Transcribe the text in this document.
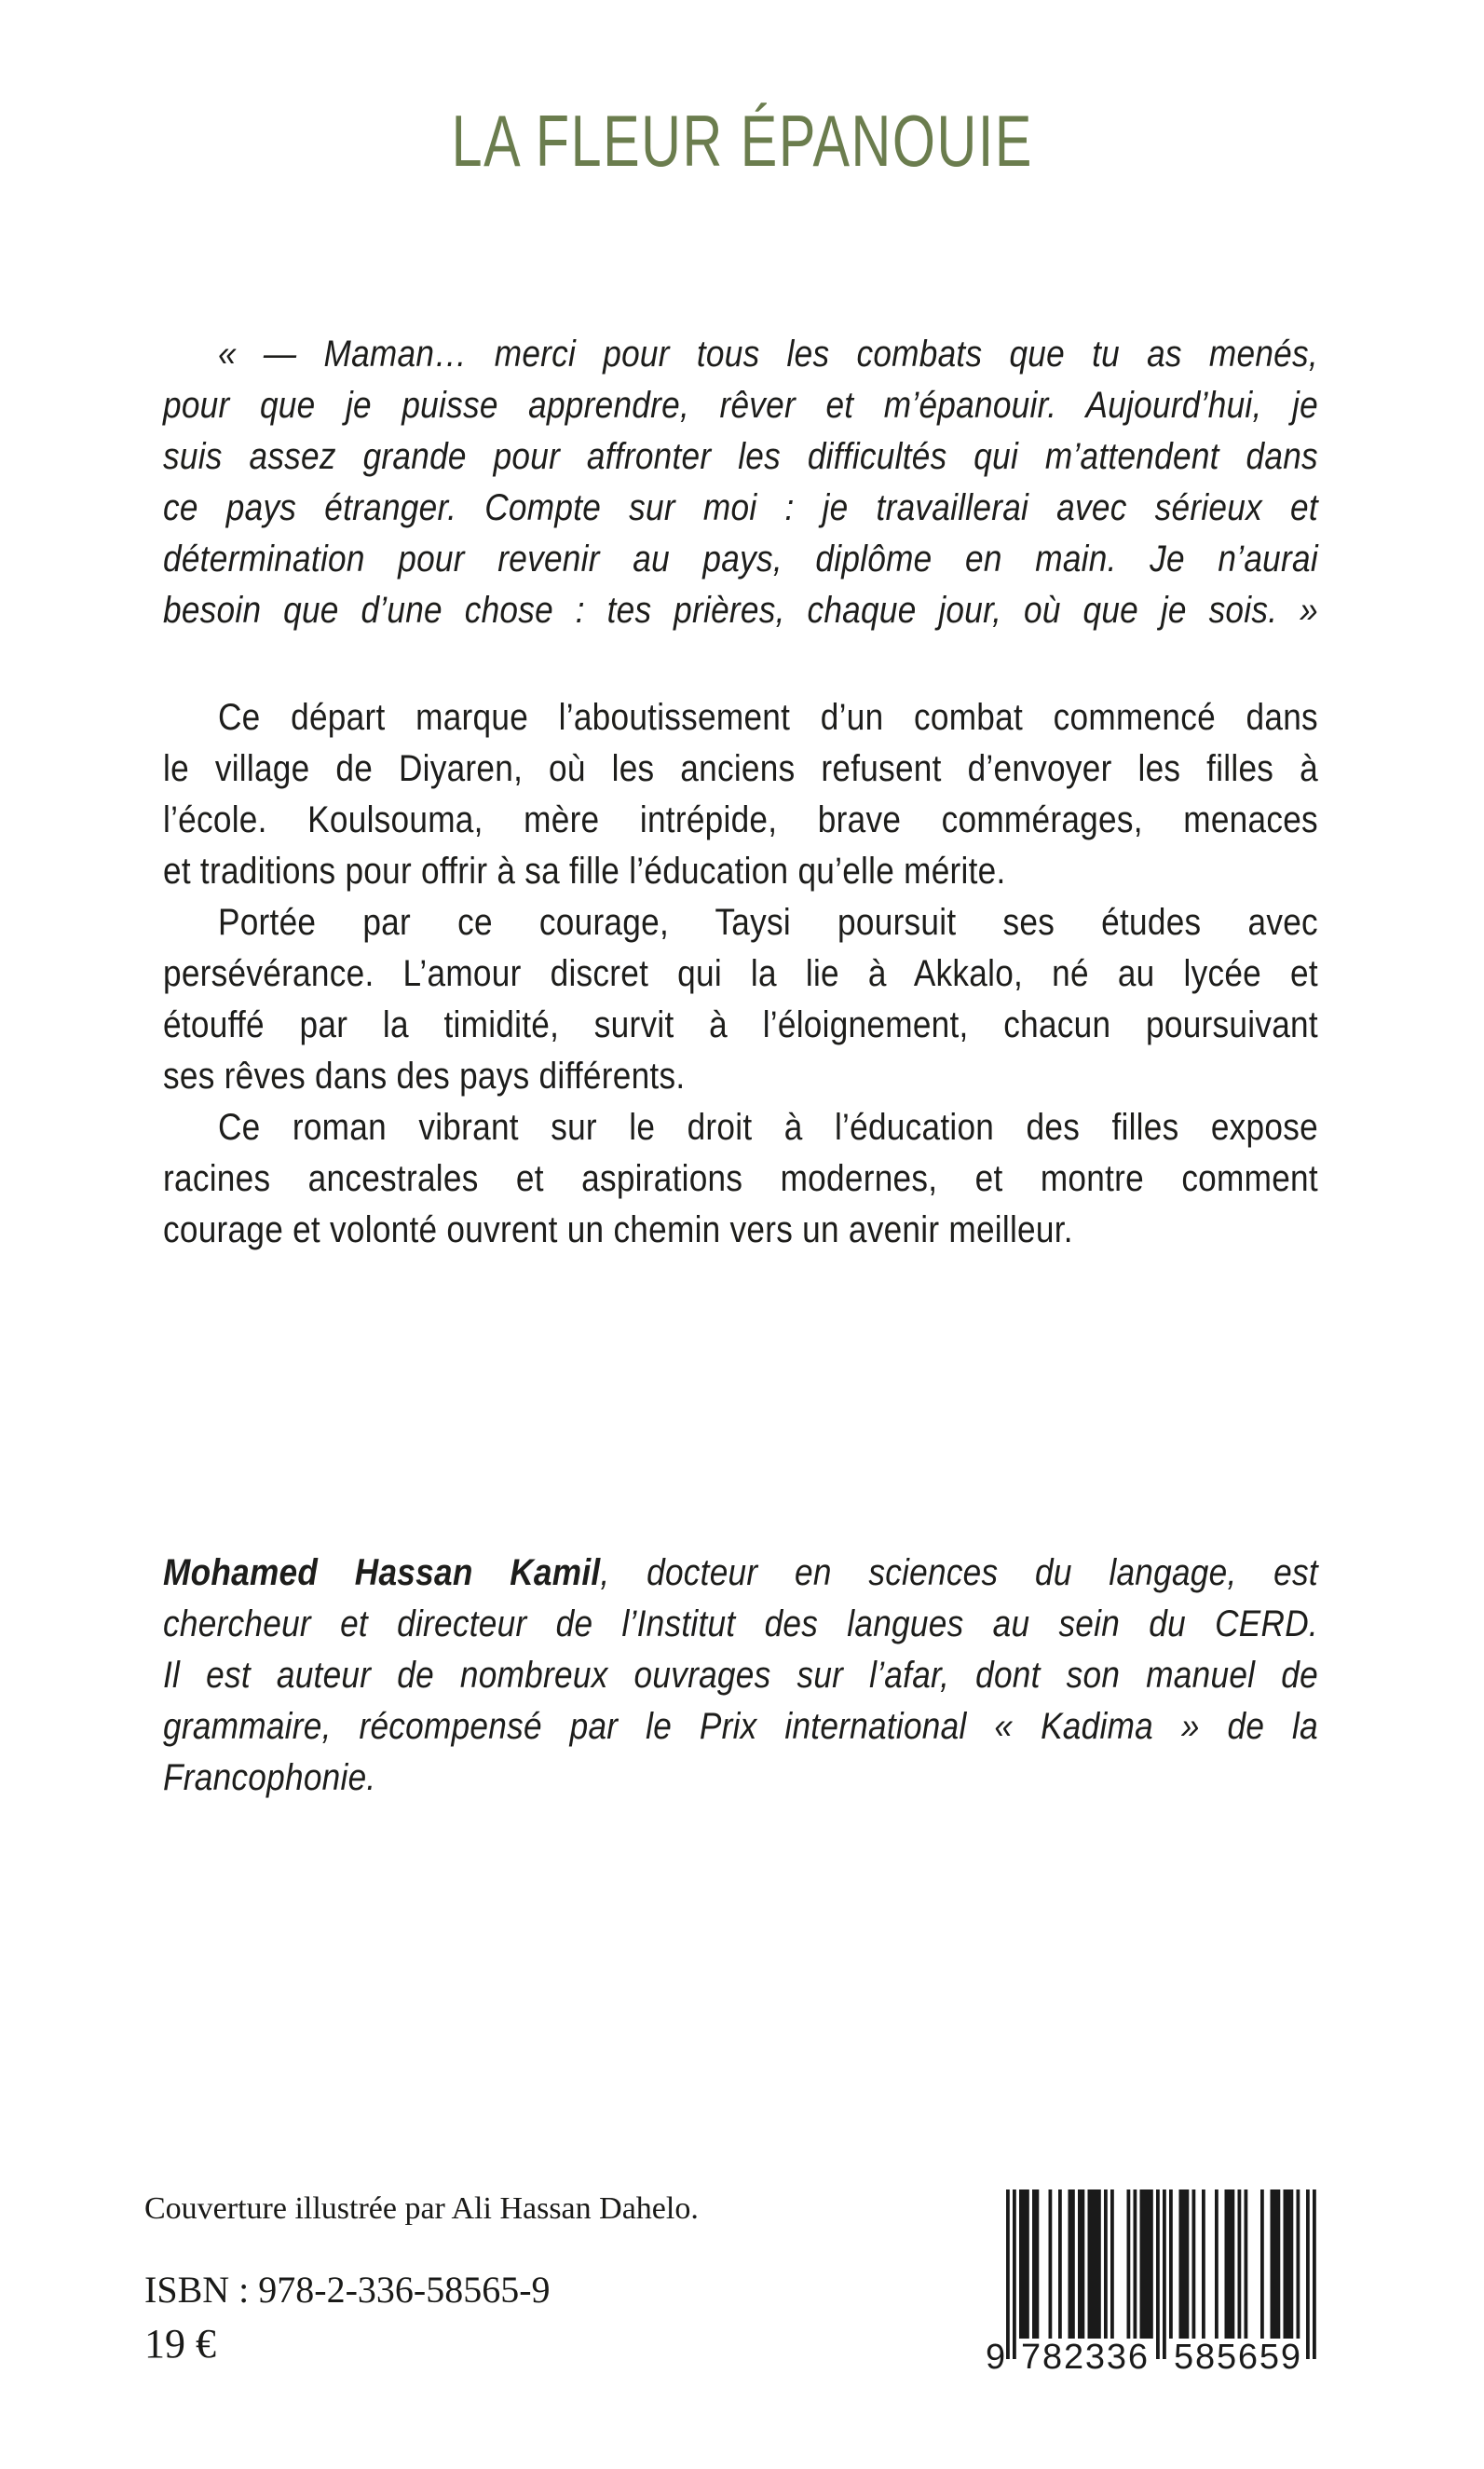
LA FLEUR ÉPANOUIE
« — Maman… merci pour tous les combats que tu as menés,
pour que je puisse apprendre, rêver et m’épanouir. Aujourd’hui, je
suis assez grande pour affronter les difficultés qui m’attendent dans
ce pays étranger. Compte sur moi : je travaillerai avec sérieux et
détermination pour revenir au pays, diplôme en main. Je n’aurai
besoin que d’une chose : tes prières, chaque jour, où que je sois. »
Ce départ marque l’aboutissement d’un combat commencé dans
le village de Diyaren, où les anciens refusent d’envoyer les filles à
l’école. Koulsouma, mère intrépide, brave commérages, menaces
et traditions pour offrir à sa fille l’éducation qu’elle mérite.
Portée par ce courage, Taysi poursuit ses études avec
persévérance. L’amour discret qui la lie à Akkalo, né au lycée et
étouffé par la timidité, survit à l’éloignement, chacun poursuivant
ses rêves dans des pays différents.
Ce roman vibrant sur le droit à l’éducation des filles expose
racines ancestrales et aspirations modernes, et montre comment
courage et volonté ouvrent un chemin vers un avenir meilleur.
Mohamed Hassan Kamil, docteur en sciences du langage, est
chercheur et directeur de l’Institut des langues au sein du CERD.
Il est auteur de nombreux ouvrages sur l’afar, dont son manuel de
grammaire, récompensé par le Prix international « Kadima » de la
Francophonie.
Couverture illustrée par Ali Hassan Dahelo.
ISBN : 978-2-336-58565-9
19 €	9 782336 585659
